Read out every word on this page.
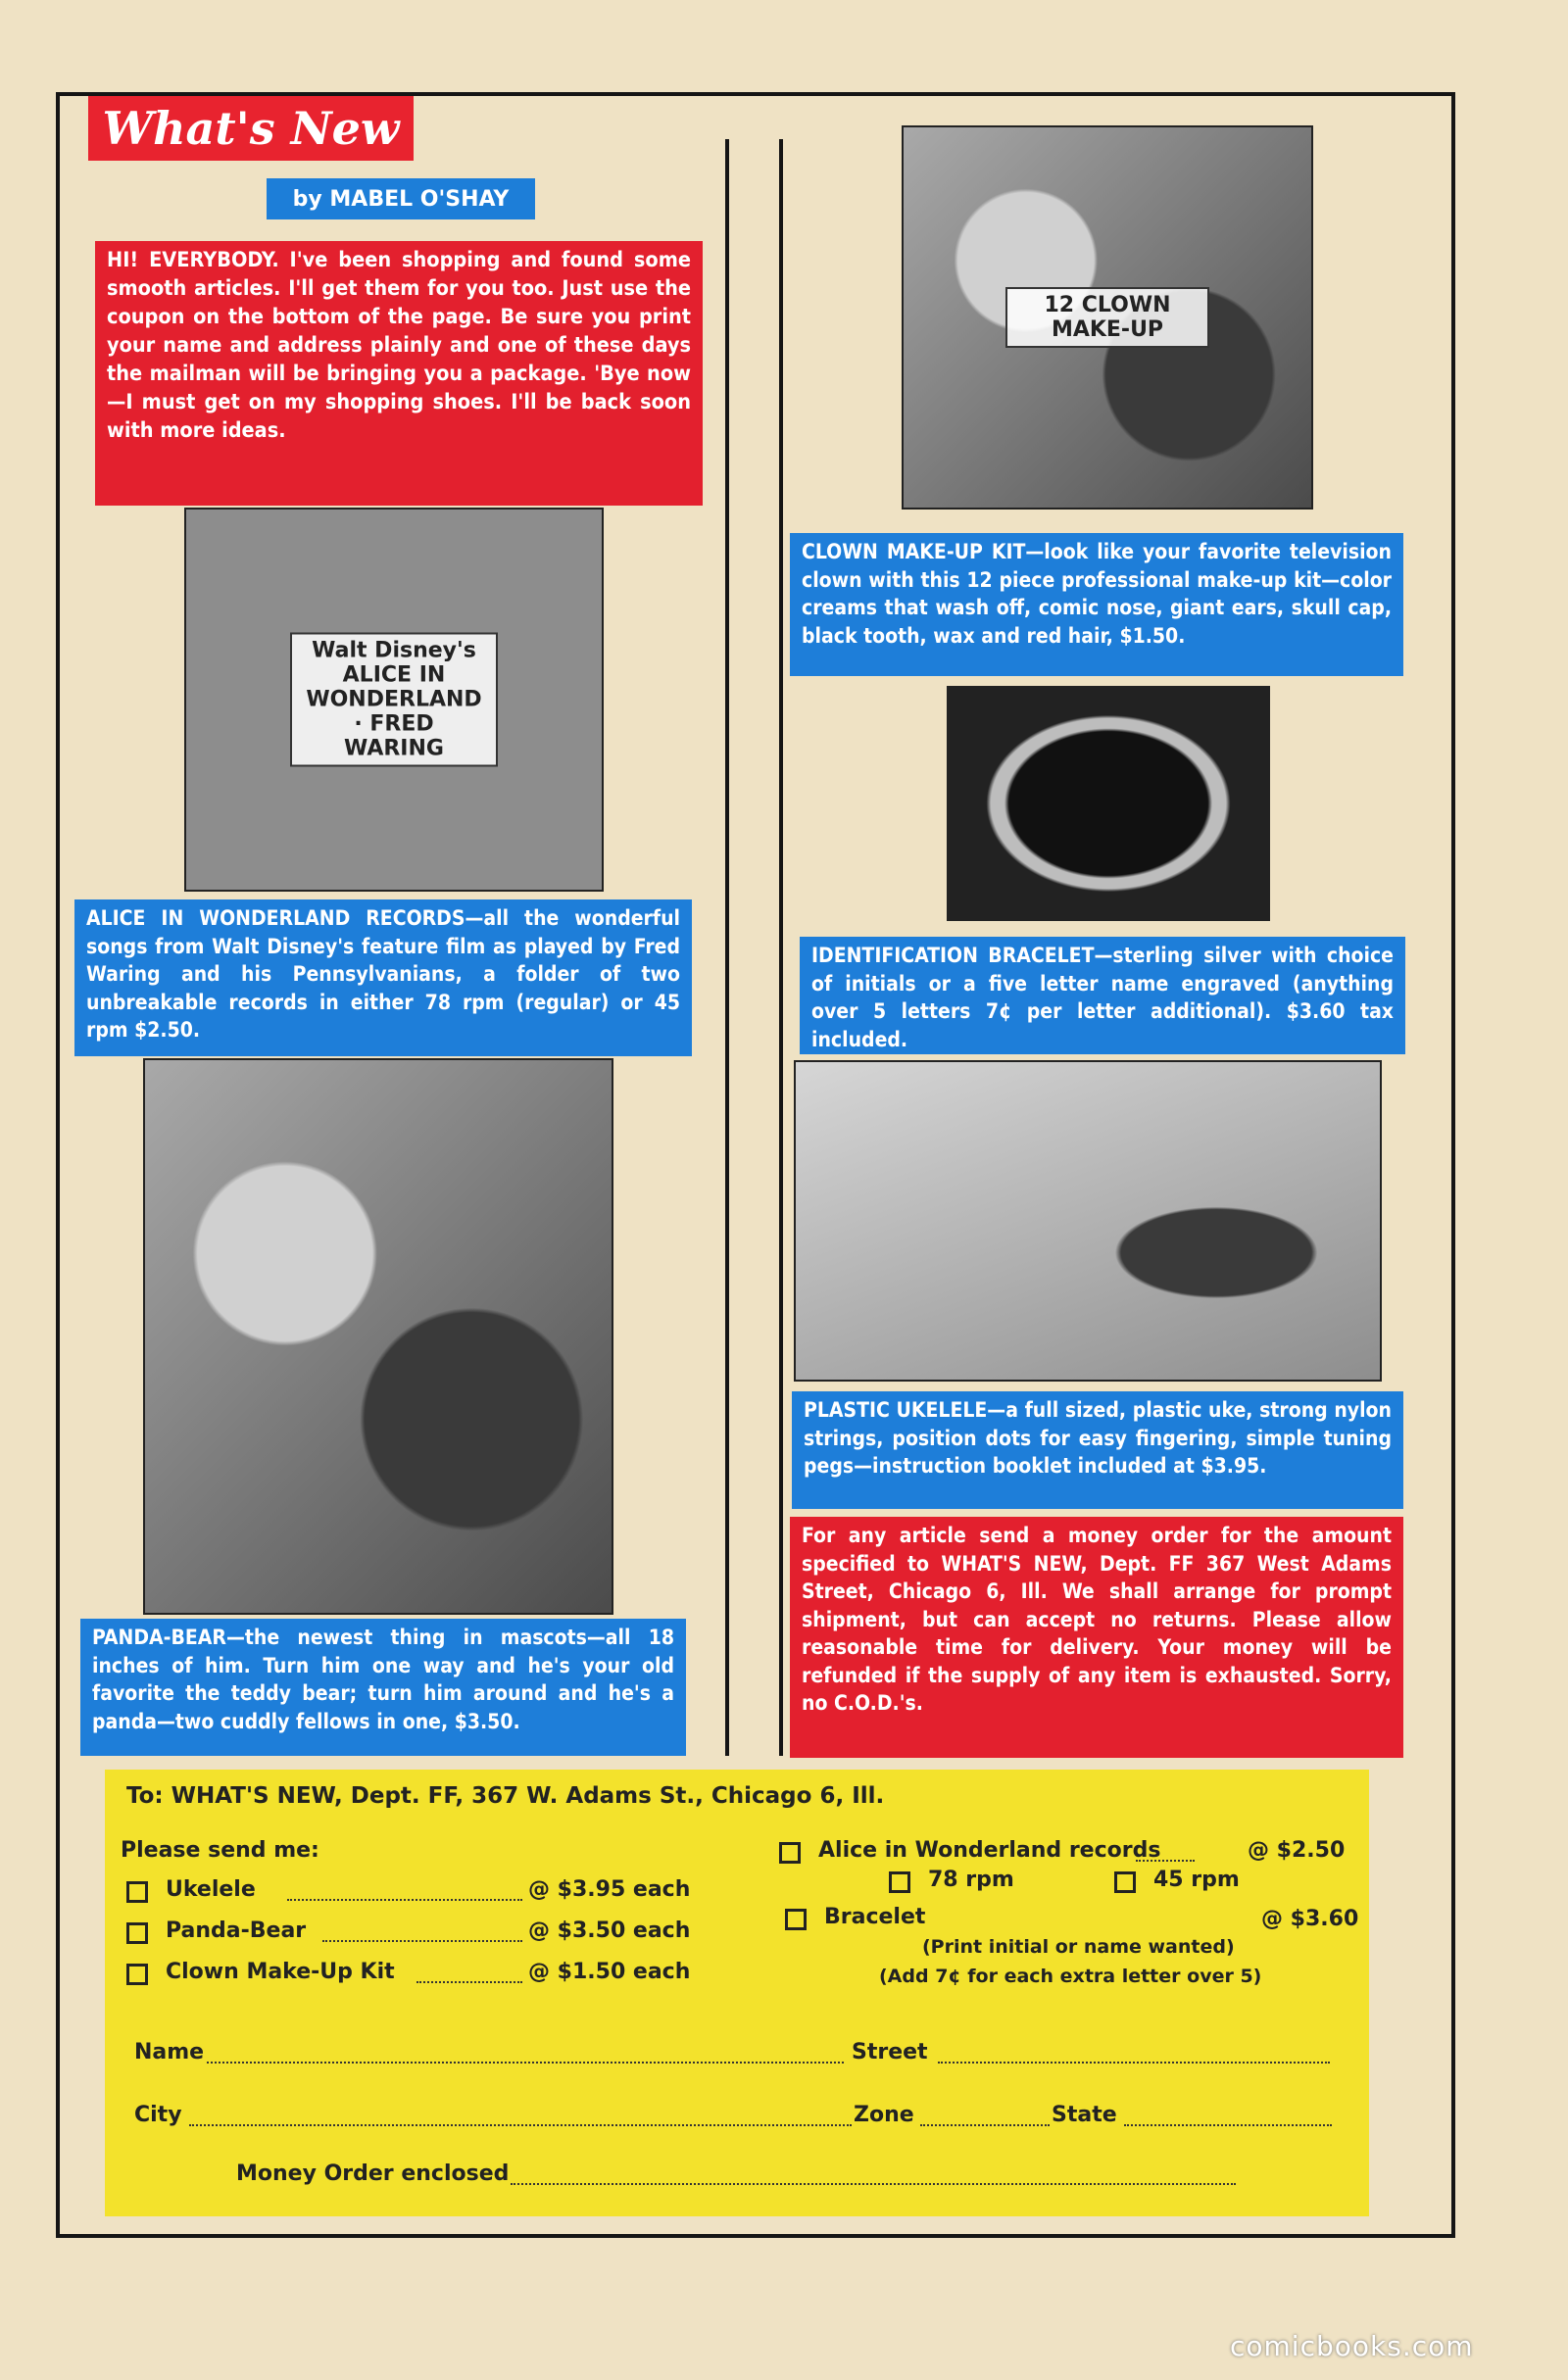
What's New
by MABEL O'SHAY
HI! EVERYBODY. I've been shopping and found some smooth articles. I'll get them for you too. Just use the coupon on the bottom of the page. Be sure you print your name and address plainly and one of these days the mailman will be bringing you a package. 'Bye now—I must get on my shopping shoes. I'll be back soon with more ideas.
Walt Disney's ALICE IN WONDERLAND · FRED WARING
ALICE IN WONDERLAND RECORDS—all the wonderful songs from Walt Disney's feature film as played by Fred Waring and his Pennsylvanians, a folder of two unbreakable records in either 78 rpm (regular) or 45 rpm $2.50.
PANDA-BEAR—the newest thing in mascots—all 18 inches of him. Turn him one way and he's your old favorite the teddy bear; turn him around and he's a panda—two cuddly fellows in one, $3.50.
12 CLOWN MAKE-UP
CLOWN MAKE-UP KIT—look like your favorite television clown with this 12 piece professional make-up kit—color creams that wash off, comic nose, giant ears, skull cap, black tooth, wax and red hair, $1.50.
IDENTIFICATION BRACELET—sterling silver with choice of initials or a five letter name engraved (anything over 5 letters 7¢ per letter additional). $3.60 tax included.
PLASTIC UKELELE—a full sized, plastic uke, strong nylon strings, position dots for easy fingering, simple tuning pegs—instruction booklet included at $3.95.
For any article send a money order for the amount specified to WHAT'S NEW, Dept. FF 367 West Adams Street, Chicago 6, Ill. We shall arrange for prompt shipment, but can accept no returns. Please allow reasonable time for delivery. Your money will be refunded if the supply of any item is exhausted. Sorry, no C.O.D.'s.
To: WHAT'S NEW, Dept. FF, 367 W. Adams St., Chicago 6, Ill.
Please send me:
Ukelele	@ $3.95 each
Panda-Bear	@ $3.50 each
Clown Make-Up Kit	@ $1.50 each
Alice in Wonderland records	@ $2.50
78 rpm	45 rpm
Bracelet	@ $3.60
(Print initial or name wanted)
(Add 7¢ for each extra letter over 5)
Name	Street
City	Zone	State
Money Order enclosed
comicbooks.com
